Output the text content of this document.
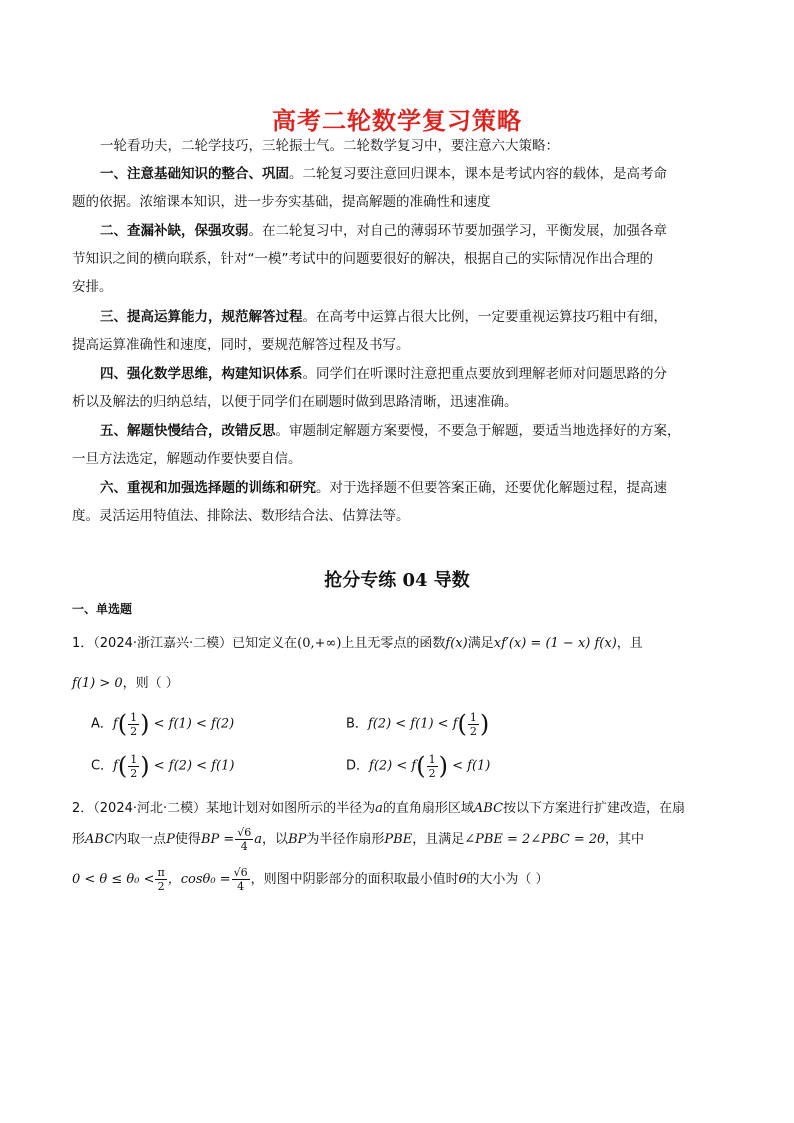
高考二轮数学复习策略
一轮看功夫，二轮学技巧，三轮振士气。二轮数学复习中，要注意六大策略：
一、注意基础知识的整合、巩固。二轮复习要注意回归课本，课本是考试内容的载体，是高考命
题的依据。浓缩课本知识，进一步夯实基础，提高解题的准确性和速度
二、查漏补缺，保强攻弱。在二轮复习中，对自己的薄弱环节要加强学习，平衡发展，加强各章
节知识之间的横向联系，针对“一模”考试中的问题要很好的解决，根据自己的实际情况作出合理的
安排。
三、提高运算能力，规范解答过程。在高考中运算占很大比例，一定要重视运算技巧粗中有细，
提高运算准确性和速度，同时，要规范解答过程及书写。
四、强化数学思维，构建知识体系。同学们在听课时注意把重点要放到理解老师对问题思路的分
析以及解法的归纳总结，以便于同学们在刷题时做到思路清晰，迅速准确。
五、解题快慢结合，改错反思。审题制定解题方案要慢，不要急于解题，要适当地选择好的方案，
一旦方法选定，解题动作要快要自信。
六、重视和加强选择题的训练和研究。对于选择题不但要答案正确，还要优化解题过程，提高速
度。灵活运用特值法、排除法、数形结合法、估算法等。
抢分专练 04 导数
一、单选题
1．（2024·浙江嘉兴·二模）已知定义在(0,+∞)上且无零点的函数f(x)满足xf′(x) = (1 − x) f(x)，且
f(1) > 0，则（ ）
A．$f( \frac{1}{2}$ ) < f(1) < f(2)	B．$f(2) < f(1) < f( \frac{1}{2}$ )
C．$f( \frac{1}{2}$ ) < f(2) < f(1)	D．$f(2) < f( \frac{1}{2}$ ) < f(1)
2．（2024·河北·二模）某地计划对如图所示的半径为a的直角扇形区域ABC按以下方案进行扩建改造，在扇
形ABC内取一点P使得BP = $\frac{√6}{4}$ a，以BP为半径作扇形PBE，且满足∠PBE = 2∠PBC = 2θ，其中
$0 < \theta \le \theta_0 < \frac{\pi}{2}$ ，$\cos\theta_0 = \frac{√6}{4}$ ，则图中阴影部分的面积取最小值时θ的大小为（ ）
